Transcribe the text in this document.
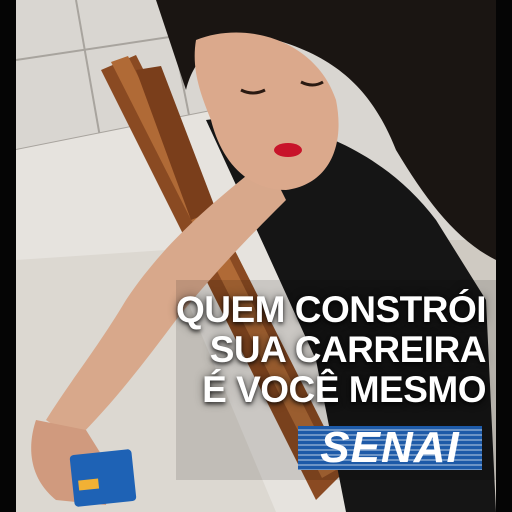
QUEM CONSTRÓI
SUA CARREIRA
É VOCÊ MESMO
SENAI
